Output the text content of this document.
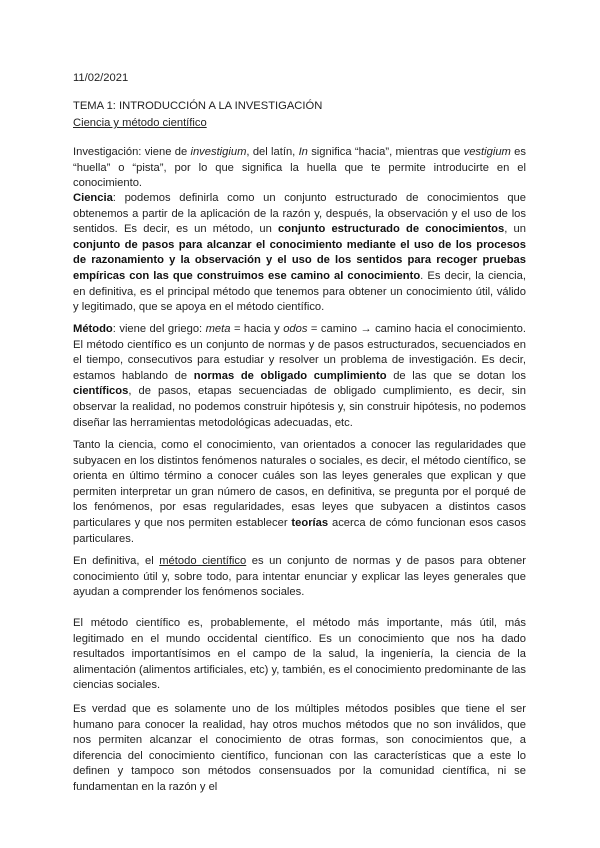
11/02/2021
TEMA 1: INTRODUCCIÓN A LA INVESTIGACIÓN
Ciencia y método científico

Investigación: viene de investigium, del latín, In significa “hacia”, mientras que vestigium es “huella” o “pista”, por lo que significa la huella que te permite introducirte en el conocimiento.

Ciencia: podemos definirla como un conjunto estructurado de conocimientos que obtenemos a partir de la aplicación de la razón y, después, la observación y el uso de los sentidos. Es decir, es un método, un conjunto estructurado de conocimientos, un conjunto de pasos para alcanzar el conocimiento mediante el uso de los procesos de razonamiento y la observación y el uso de los sentidos para recoger pruebas empíricas con las que construimos ese camino al conocimiento. Es decir, la ciencia, en definitiva, es el principal método que tenemos para obtener un conocimiento útil, válido y legitimado, que se apoya en el método científico.

Método: viene del griego: meta = hacia y odos = camino → camino hacia el conocimiento. El método científico es un conjunto de normas y de pasos estructurados, secuenciados en el tiempo, consecutivos para estudiar y resolver un problema de investigación. Es decir, estamos hablando de normas de obligado cumplimiento de las que se dotan los científicos, de pasos, etapas secuenciadas de obligado cumplimiento, es decir, sin observar la realidad, no podemos construir hipótesis y, sin construir hipótesis, no podemos diseñar las herramientas metodológicas adecuadas, etc.

Tanto la ciencia, como el conocimiento, van orientados a conocer las regularidades que subyacen en los distintos fenómenos naturales o sociales, es decir, el método científico, se orienta en último término a conocer cuáles son las leyes generales que explican y que permiten interpretar un gran número de casos, en definitiva, se pregunta por el porqué de los fenómenos, por esas regularidades, esas leyes que subyacen a distintos casos particulares y que nos permiten establecer teorías acerca de cómo funcionan esos casos particulares.

En definitiva, el método científico es un conjunto de normas y de pasos para obtener conocimiento útil y, sobre todo, para intentar enunciar y explicar las leyes generales que ayudan a comprender los fenómenos sociales.

El método científico es, probablemente, el método más importante, más útil, más legitimado en el mundo occidental científico. Es un conocimiento que nos ha dado resultados importantísimos en el campo de la salud, la ingeniería, la ciencia de la alimentación (alimentos artificiales, etc) y, también, es el conocimiento predominante de las ciencias sociales.

Es verdad que es solamente uno de los múltiples métodos posibles que tiene el ser humano para conocer la realidad, hay otros muchos métodos que no son inválidos, que nos permiten alcanzar el conocimiento de otras formas, son conocimientos que, a diferencia del conocimiento científico, funcionan con las características que a este lo definen y tampoco son métodos consensuados por la comunidad científica, ni se fundamentan en la razón y el
